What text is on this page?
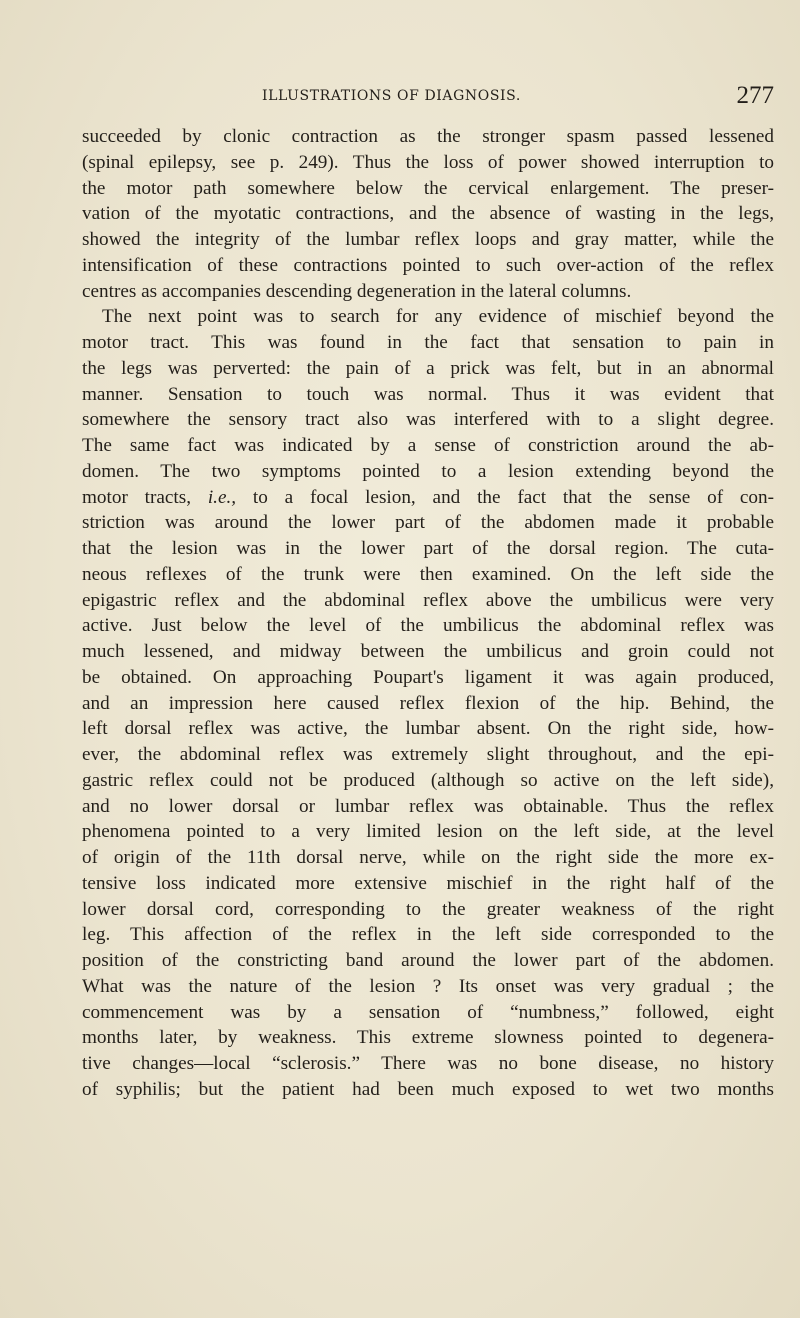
ILLUSTRATIONS OF DIAGNOSIS.	277
succeeded by clonic contraction as the stronger spasm passed lessened
(spinal epilepsy, see p. 249). Thus the loss of power showed interruption to
the motor path somewhere below the cervical enlargement. The preser-
vation of the myotatic contractions, and the absence of wasting in the legs,
showed the integrity of the lumbar reflex loops and gray matter, while the
intensification of these contractions pointed to such over-action of the reflex
centres as accompanies descending degeneration in the lateral columns.
The next point was to search for any evidence of mischief beyond the
motor tract. This was found in the fact that sensation to pain in
the legs was perverted: the pain of a prick was felt, but in an abnormal
manner. Sensation to touch was normal. Thus it was evident that
somewhere the sensory tract also was interfered with to a slight degree.
The same fact was indicated by a sense of constriction around the ab-
domen. The two symptoms pointed to a lesion extending beyond the
motor tracts, i.e., to a focal lesion, and the fact that the sense of con-
striction was around the lower part of the abdomen made it probable
that the lesion was in the lower part of the dorsal region. The cuta-
neous reflexes of the trunk were then examined. On the left side the
epigastric reflex and the abdominal reflex above the umbilicus were very
active. Just below the level of the umbilicus the abdominal reflex was
much lessened, and midway between the umbilicus and groin could not
be obtained. On approaching Poupart's ligament it was again produced,
and an impression here caused reflex flexion of the hip. Behind, the
left dorsal reflex was active, the lumbar absent. On the right side, how-
ever, the abdominal reflex was extremely slight throughout, and the epi-
gastric reflex could not be produced (although so active on the left side),
and no lower dorsal or lumbar reflex was obtainable. Thus the reflex
phenomena pointed to a very limited lesion on the left side, at the level
of origin of the 11th dorsal nerve, while on the right side the more ex-
tensive loss indicated more extensive mischief in the right half of the
lower dorsal cord, corresponding to the greater weakness of the right
leg. This affection of the reflex in the left side corresponded to the
position of the constricting band around the lower part of the abdomen.
What was the nature of the lesion ? Its onset was very gradual ; the
commencement was by a sensation of “numbness,” followed, eight
months later, by weakness. This extreme slowness pointed to degenera-
tive changes—local “sclerosis.” There was no bone disease, no history
of syphilis; but the patient had been much exposed to wet two months
